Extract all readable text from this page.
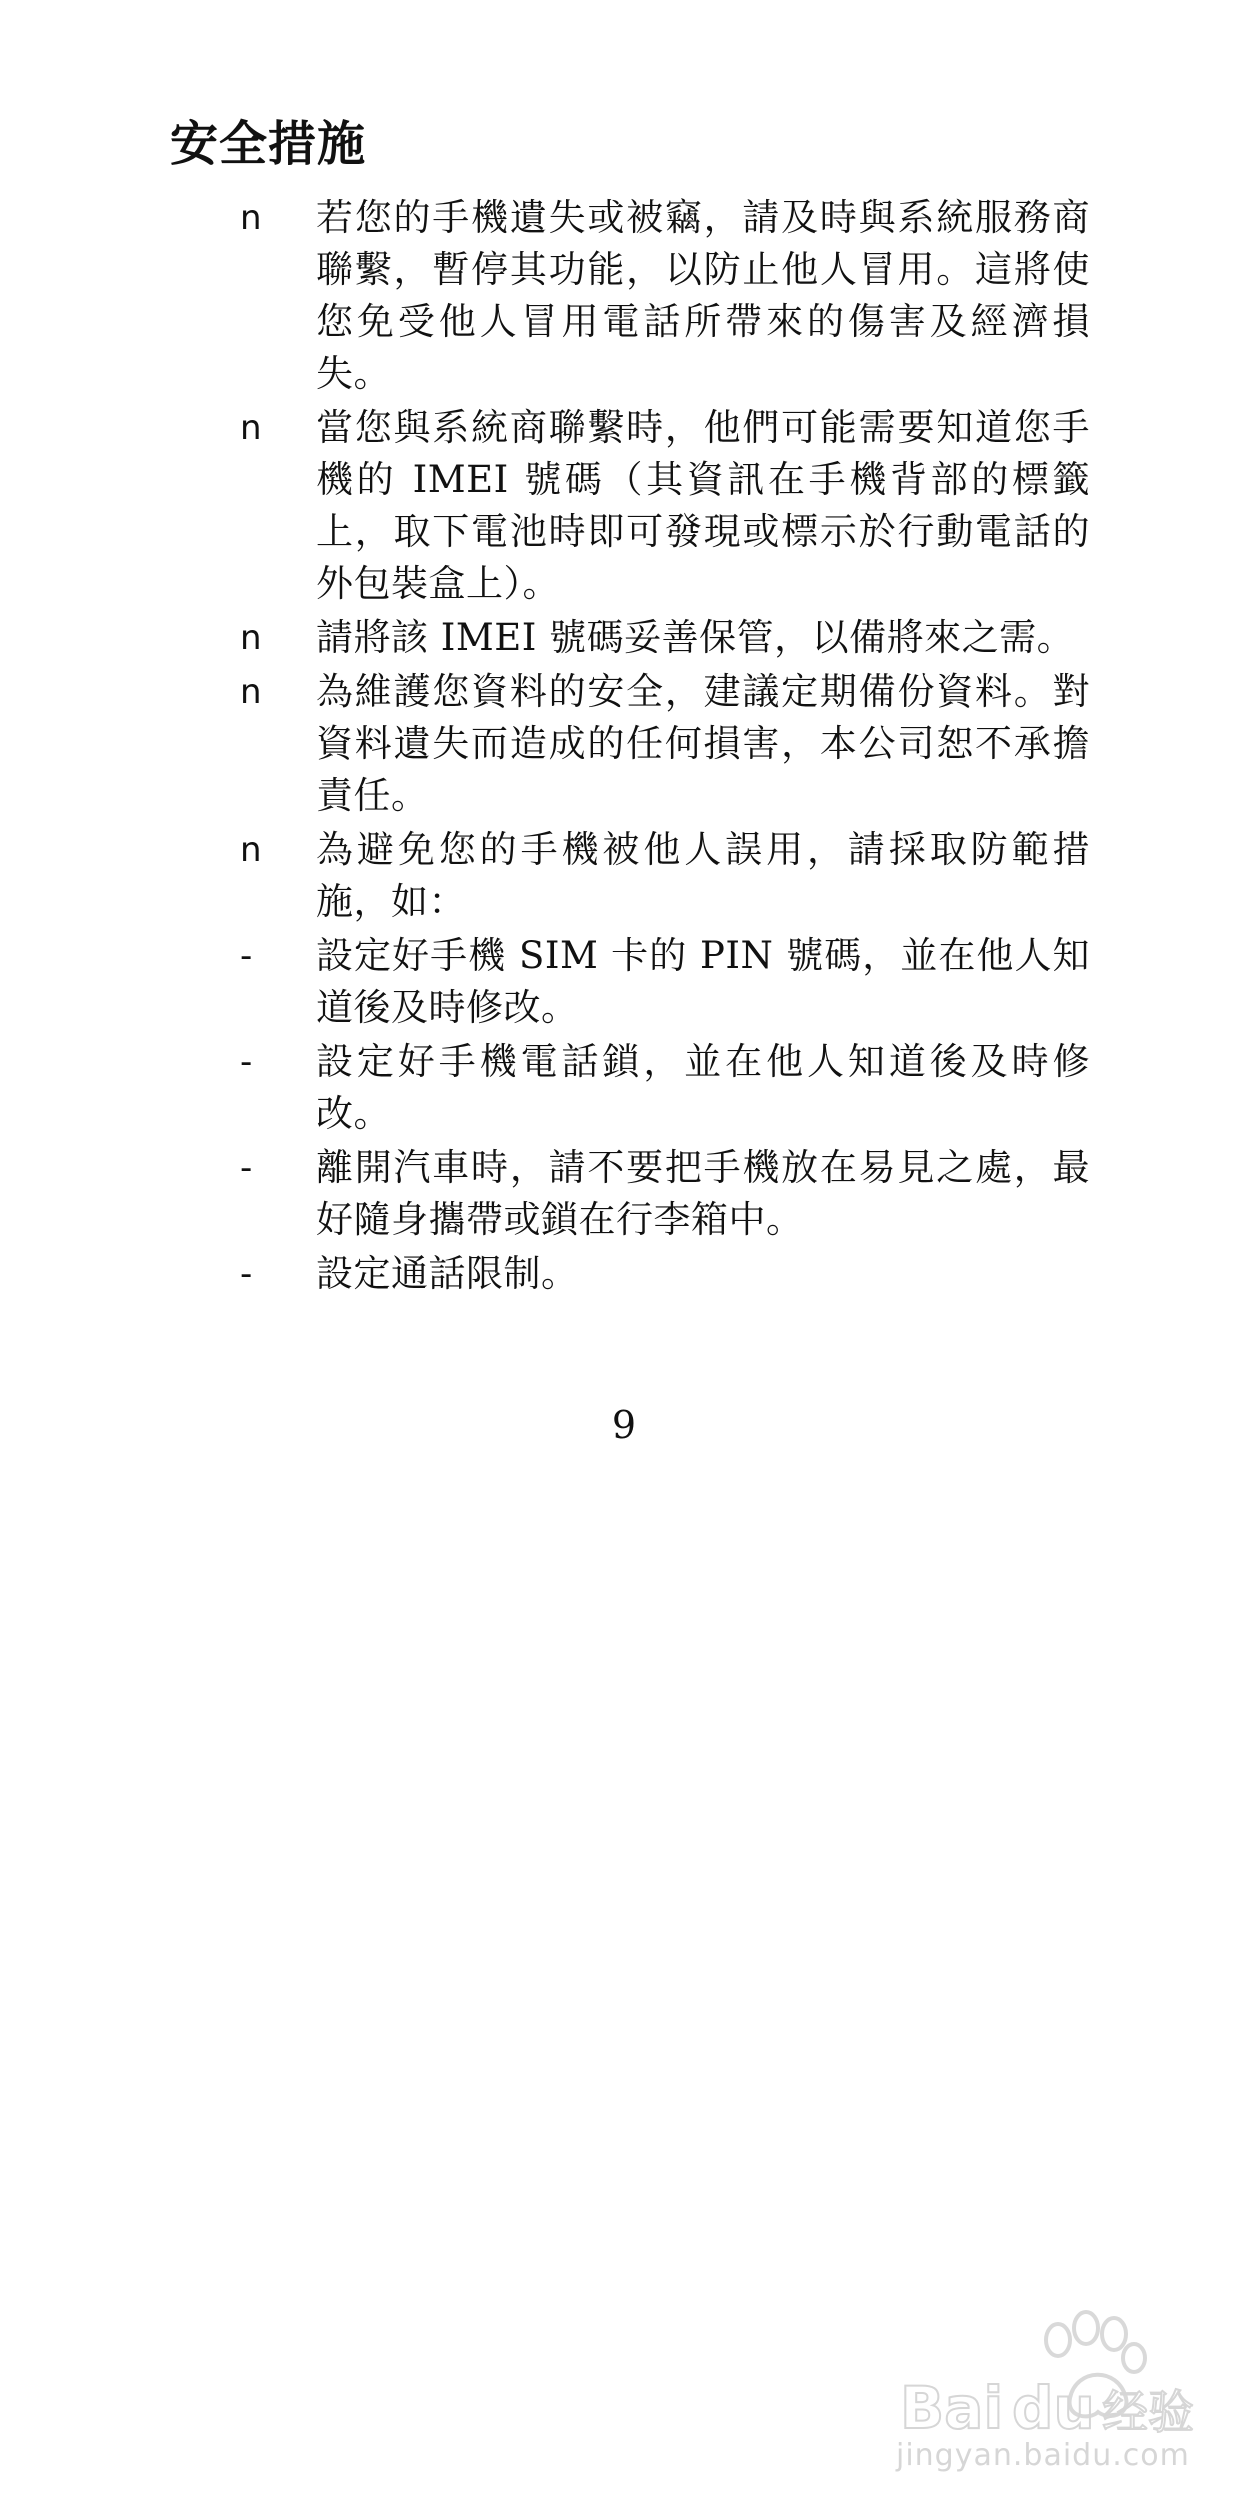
安全措施
n	若您的手機遺失或被竊，請及時與系統服務商聯繫，暫停其功能，以防止他人冒用。這將使您免受他人冒用電話所帶來的傷害及經濟損失。
n	當您與系統商聯繫時，他們可能需要知道您手機的 IMEI 號碼（其資訊在手機背部的標籤上，取下電池時即可發現或標示於行動電話的外包裝盒上）。
n	請將該 IMEI 號碼妥善保管，以備將來之需。
n	為維護您資料的安全，建議定期備份資料。對資料遺失而造成的任何損害，本公司恕不承擔責任。
n	為避免您的手機被他人誤用，請採取防範措施，如：
-	設定好手機 SIM 卡的 PIN 號碼，並在他人知道後及時修改。
-	設定好手機電話鎖，並在他人知道後及時修改。
-	離開汽車時，請不要把手機放在易見之處，最好隨身攜帶或鎖在行李箱中。
-	設定通話限制。
9
Bai du 经验
jingyan.baidu.com
